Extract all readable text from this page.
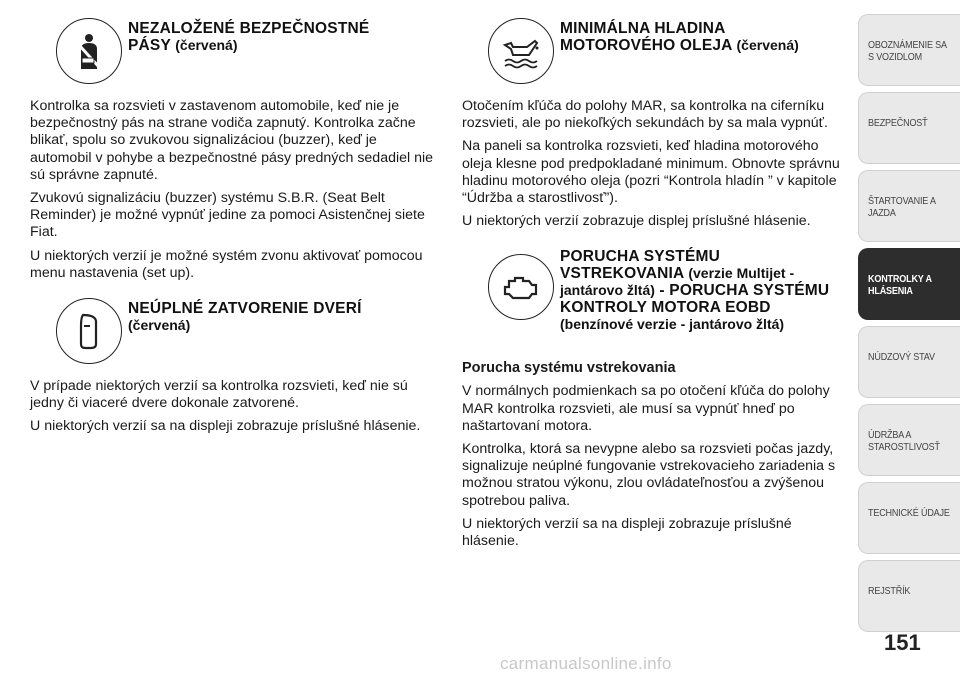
NEZALOŽENÉ BEZPEČNOSTNÉ
PÁSY (červená)

Kontrolka sa rozsvieti v zastavenom automobile, keď nie je bezpečnostný pás na strane vodiča zapnutý. Kontrolka začne blikať, spolu so zvukovou signalizáciou (buzzer), keď je automobil v pohybe a bezpečnostné pásy predných sedadiel nie sú správne zapnuté.

Zvukovú signalizáciu (buzzer) systému S.B.R. (Seat Belt Reminder) je možné vypnúť jedine za pomoci Asistenčnej siete Fiat.

U niektorých verzií je možné systém zvonu aktivovať pomocou menu nastavenia (set up).

NEÚPLNÉ ZATVORENIE DVERÍ
(červená)

V prípade niektorých verzií sa kontrolka rozsvieti, keď nie sú jedny či viaceré dvere dokonale zatvorené.

U niektorých verzií sa na displeji zobrazuje príslušné hlásenie.

MINIMÁLNA HLADINA
MOTOROVÉHO OLEJA (červená)

Otočením kľúča do polohy MAR, sa kontrolka na ciferníku rozsvieti, ale po niekoľkých sekundách by sa mala vypnúť.

Na paneli sa kontrolka rozsvieti, keď hladina motorového oleja klesne pod predpokladané minimum. Obnovte správnu hladinu motorového oleja (pozri “Kontrola hladín ” v kapitole “Údržba a starostlivosť”).

U niektorých verzií zobrazuje displej príslušné hlásenie.

PORUCHA SYSTÉMU VSTREKOVANIA (verzie Multijet - jantárovo žltá) - PORUCHA SYSTÉMU KONTROLY MOTORA EOBD (benzínové verzie - jantárovo žltá)

Porucha systému vstrekovania

V normálnych podmienkach sa po otočení kľúča do polohy MAR kontrolka rozsvieti, ale musí sa vypnúť hneď po naštartovaní motora.

Kontrolka, ktorá sa nevypne alebo sa rozsvieti počas jazdy, signalizuje neúplné fungovanie vstrekovacieho zariadenia s možnou stratou výkonu, zlou ovládateľnosťou a zvýšenou spotrebou paliva.

U niektorých verzií sa na displeji zobrazuje príslušné hlásenie.

OBOZNÁMENIE SA
S VOZIDLOM
BEZPEČNOSŤ
ŠTARTOVANIE A
JAZDA
KONTROLKY A
HLÁSENIA
NÚDZOVÝ STAV
ÚDRŽBA A
STAROSTLIVOSŤ
TECHNICKÉ ÚDAJE
REJSTŘÍK
151
carmanualsonline.info
